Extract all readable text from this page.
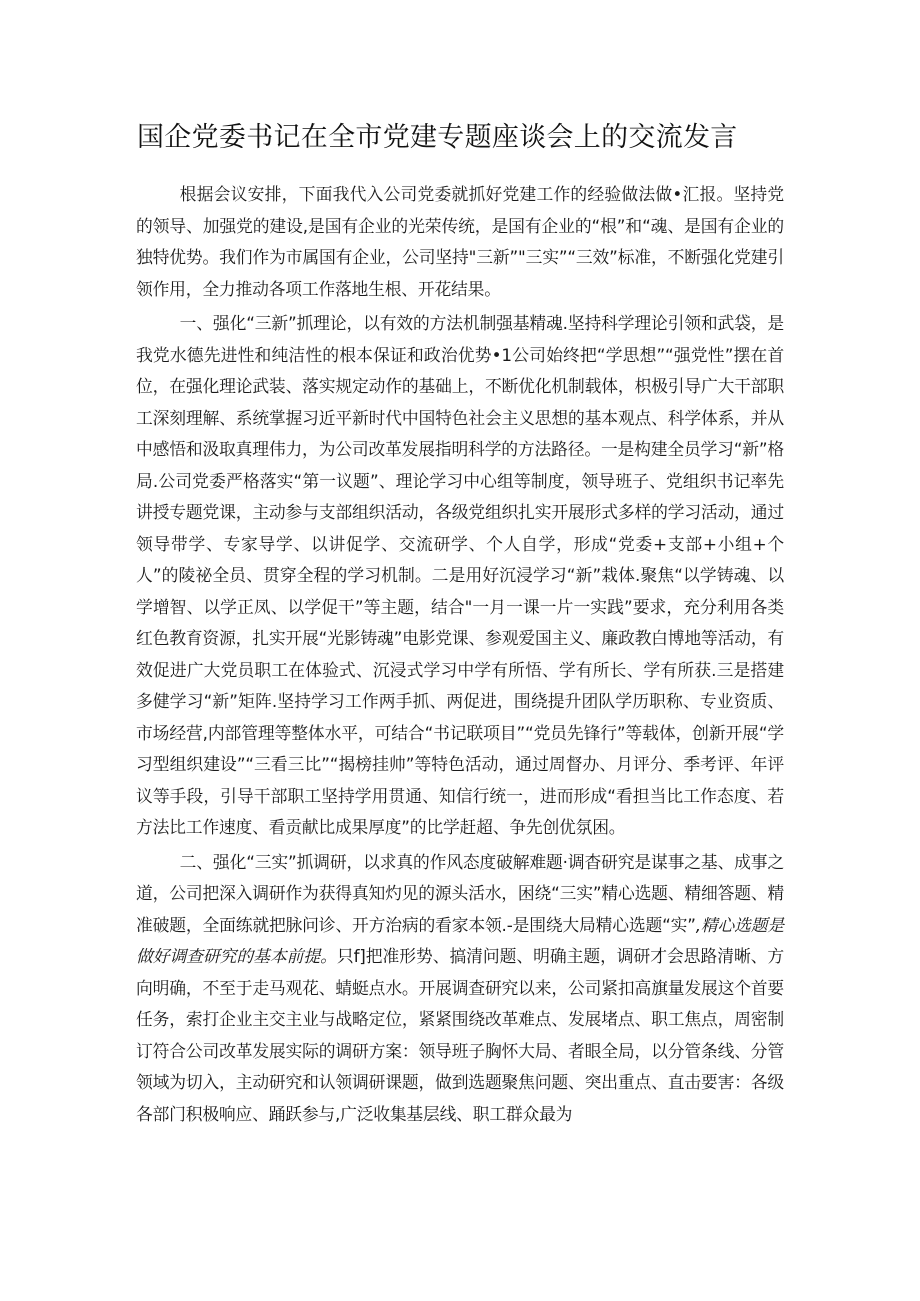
国企党委书记在全市党建专题座谈会上的交流发言

根据会议安排，下面我代入公司党委就抓好党建工作的经验做法做•汇报。坚持党的领导、加强党的建设,是国有企业的光荣传统，是国有企业的“根”和“魂、是国有企业的独特优势。我们作为市属国有企业，公司坚持"三新”"三实”“三效”标准，不断强化党建引领作用，全力推动各项工作落地生根、开花结果。

一、强化“三新”抓理论，以有效的方法机制强基精魂.坚持科学理论引领和武袋，是我党水德先进性和纯洁性的根本保证和政治优势•1公司始终把“学思想”“强党性”摆在首位，在强化理论武装、落实规定动作的基础上，不断优化机制载体，枳极引导广大干部职工深刻理解、系统掌握习近平新时代中国特色社会主义思想的基本观点、科学体系，并从中感悟和汲取真理伟力，为公司改革发展指明科学的方法路径。一是构建全员学习“新”格局.公司党委严格落实“第一议题”、理论学习中心组等制度，领导班子、党组织书记率先讲授专题党课，主动参与支部组织活动，各级党组织扎实开展形式多样的学习活动，通过领导带学、专家导学、以讲促学、交流研学、个人自学，形成“党委+支部+小组+个人”的陵祕全员、贯穿全程的学习机制。二是用好沉浸学习“新”栽体.聚焦“以学铸魂、以学增智、以学正凤、以学促干”等主题，结合"一月一课一片一实践”要求，充分利用各类红色教育资源，扎实开展“光影铸魂”电影党课、参观爱国主义、廉政教白博地等活动，有效促进广大党员职工在体验式、沉浸式学习中学有所悟、学有所长、学有所获.三是搭建多健学习“新”矩阵.坚持学习工作两手抓、两促进，围绕提升团队学历职称、专业资质、市场经营,内部管理等整体水平，可结合“书记联项目”“党员先锋行”等载体，创新开展“学习型组织建设”“三看三比”“揭榜挂帅”等特色活动，通过周督办、月评分、季考评、年评议等手段，引导干部职工坚持学用贯通、知信行统一，进而形成“看担当比工作态度、若方法比工作速度、看贡献比成果厚度”的比学赶超、争先创优氛困。

二、强化“三实”抓调研，以求真的作风态度破解难题·调杳研究是谋事之基、成事之道，公司把深入调研作为获得真知灼见的源头活水，困绕“三实”精心选题、精细答题、精准破题，全面练就把脉问诊、开方治病的看家本领.-是围绕大局精心选题“实”,精心选题是做好调查研究的基本前提。只f]把准形势、搞清问题、明确主题，调研才会思路清晰、方向明确，不至于走马观花、蜻蜓点水。开展调查研究以来，公司紧扣高旗量发展这个首要任务，索打企业主交主业与战略定位，紧紧围绕改革难点、发展堵点、职工焦点，周密制订符合公司改革发展实际的调研方案：领导班子胸怀大局、者眼全局，以分管条线、分管领域为切入，主动研究和认领调研课题，做到选题聚焦问题、突出重点、直击要害：各级各部门积极响应、踊跃参与,广泛收集基层线、职工群众最为
